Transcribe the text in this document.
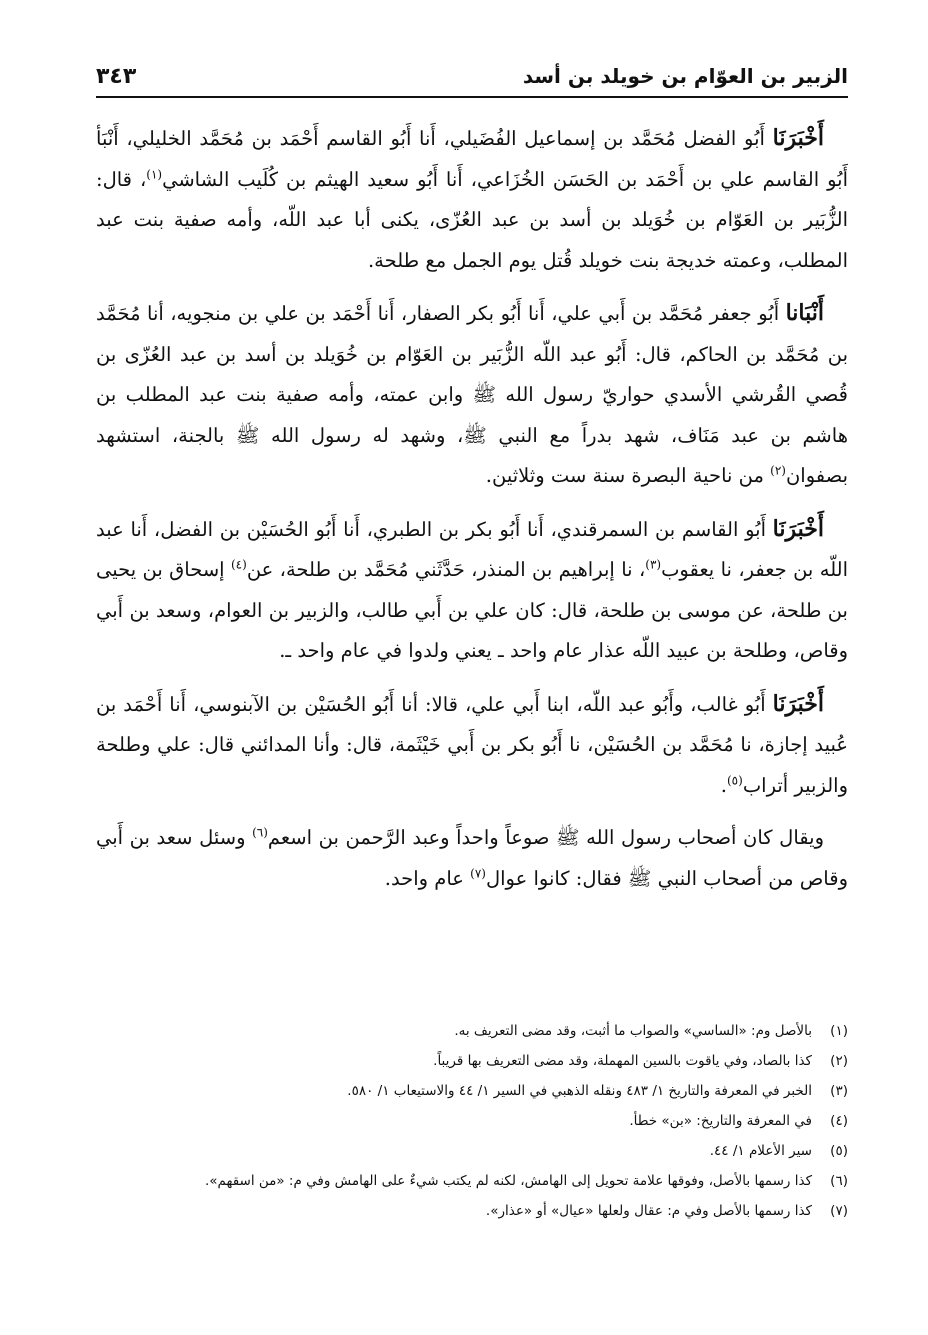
الزبير بن العوّام بن خويلد بن أسد
٣٤٣

أَخْبَرَنَا أَبُو الفضل مُحَمَّد بن إسماعيل الفُضَيلي، أَنا أَبُو القاسم أَحْمَد بن مُحَمَّد الخليلي، أَنْبَأ أَبُو القاسم علي بن أَحْمَد بن الحَسَن الخُزَاعي، أَنا أَبُو سعيد الهيثم بن كُلَيب الشاشي$^{(١)}$، قال: الزُّبَير بن العَوّام بن خُوَيلد بن أسد بن عبد العُزّى، يكنى أبا عبد اللّه، وأمه صفية بنت عبد المطلب، وعمته خديجة بنت خويلد قُتل يوم الجمل مع طلحة.

أَنْبَانا أَبُو جعفر مُحَمَّد بن أَبي علي، أَنا أَبُو بكر الصفار، أَنا أَحْمَد بن علي بن منجويه، أنا مُحَمَّد بن مُحَمَّد بن الحاكم، قال: أَبُو عبد اللّه الزُّبَير بن العَوّام بن خُوَيلد بن أسد بن عبد العُزّى بن قُصي القُرشي الأسدي حواريّ رسول الله ﷺ وابن عمته، وأمه صفية بنت عبد المطلب بن هاشم بن عبد مَنَاف، شهد بدراً مع النبي ﷺ، وشهد له رسول الله ﷺ بالجنة، استشهد بصفوان$^{(٢)}$ من ناحية البصرة سنة ست وثلاثين.

أَخْبَرَنَا أَبُو القاسم بن السمرقندي، أَنا أَبُو بكر بن الطبري، أَنا أَبُو الحُسَيْن بن الفضل، أَنا عبد اللّه بن جعفر، نا يعقوب$^{(٣)}$، نا إبراهيم بن المنذر، حَدَّثَني مُحَمَّد بن طلحة، عن$^{(٤)}$ إسحاق بن يحيى بن طلحة، عن موسى بن طلحة، قال: كان علي بن أَبي طالب، والزبير بن العوام، وسعد بن أَبي وقاص، وطلحة بن عبيد اللّه عذار عام واحد ـ يعني ولدوا في عام واحد ـ.

أَخْبَرَنَا أَبُو غالب، وأَبُو عبد اللّه، ابنا أَبي علي، قالا: أنا أَبُو الحُسَيْن بن الآبنوسي، أَنا أَحْمَد بن عُبيد إجازة، نا مُحَمَّد بن الحُسَيْن، نا أَبُو بكر بن أَبي خَيْثَمة، قال: وأنا المدائني قال: علي وطلحة والزبير أتراب$^{(٥)}$.

ويقال كان أصحاب رسول الله ﷺ صوعاً واحداً وعبد الرَّحمن بن اسعم$^{(٦)}$ وسئل سعد بن أَبي وقاص من أصحاب النبي ﷺ فقال: كانوا عوال$^{(٧)}$ عام واحد.

(١)
بالأصل وم: «الساسي» والصواب ما أثبت، وقد مضى التعريف به.
(٢)
كذا بالصاد، وفي ياقوت بالسين المهملة، وقد مضى التعريف بها قريباً.
(٣)
الخبر في المعرفة والتاريخ ١/ ٤٨٣ ونقله الذهبي في السير ١/ ٤٤ والاستيعاب ١/ ٥٨٠.
(٤)
في المعرفة والتاريخ: «بن» خطأ.
(٥)
سير الأعلام ١/ ٤٤.
(٦)
كذا رسمها بالأصل، وفوقها علامة تحويل إلى الهامش، لكنه لم يكتب شيءٌ على الهامش وفي م: «من اسقهم».
(٧)
كذا رسمها بالأصل وفي م: عقال ولعلها «عيال» أو «عذار».
